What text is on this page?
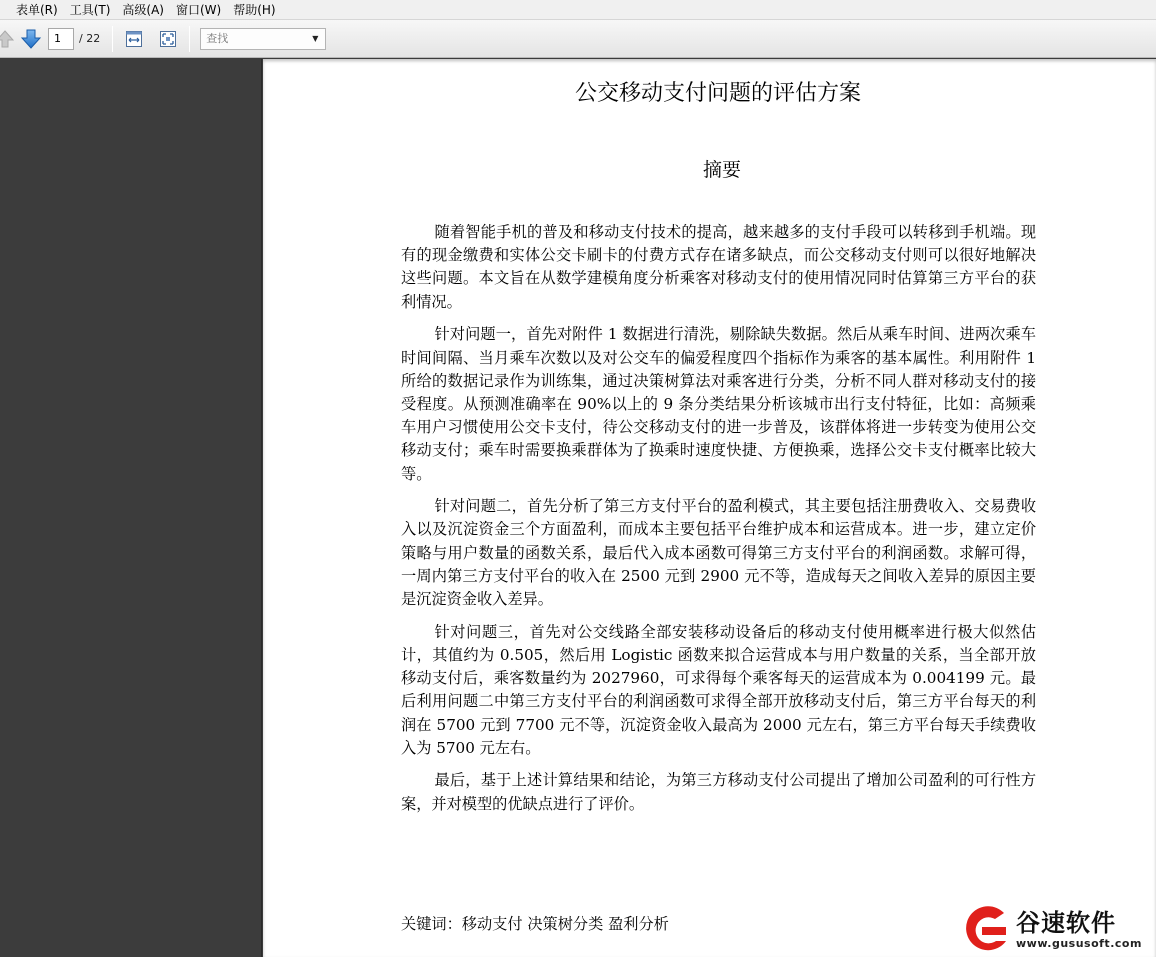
表单(R)	工具(T)	高级(A)	窗口(W)	帮助(H)
1
/ 22
查找	▼
公交移动支付问题的评估方案
摘要

随着智能手机的普及和移动支付技术的提高，越来越多的支付手段可以转移到手机端。现有的现金缴费和实体公交卡刷卡的付费方式存在诸多缺点，而公交移动支付则可以很好地解决这些问题。本文旨在从数学建模角度分析乘客对移动支付的使用情况同时估算第三方平台的获利情况。

针对问题一，首先对附件 1 数据进行清洗，剔除缺失数据。然后从乘车时间、进两次乘车时间间隔、当月乘车次数以及对公交车的偏爱程度四个指标作为乘客的基本属性。利用附件 1 所给的数据记录作为训练集，通过决策树算法对乘客进行分类，分析不同人群对移动支付的接受程度。从预测准确率在 90%以上的 9 条分类结果分析该城市出行支付特征，比如：高频乘车用户习惯使用公交卡支付，待公交移动支付的进一步普及，该群体将进一步转变为使用公交移动支付；乘车时需要换乘群体为了换乘时速度快捷、方便换乘，选择公交卡支付概率比较大等。

针对问题二，首先分析了第三方支付平台的盈利模式，其主要包括注册费收入、交易费收入以及沉淀资金三个方面盈利，而成本主要包括平台维护成本和运营成本。进一步，建立定价策略与用户数量的函数关系，最后代入成本函数可得第三方支付平台的利润函数。求解可得，一周内第三方支付平台的收入在 2500 元到 2900 元不等，造成每天之间收入差异的原因主要是沉淀资金收入差异。

针对问题三，首先对公交线路全部安装移动设备后的移动支付使用概率进行极大似然估计，其值约为 0.505，然后用 Logistic 函数来拟合运营成本与用户数量的关系，当全部开放移动支付后，乘客数量约为 2027960，可求得每个乘客每天的运营成本为 0.004199 元。最后利用问题二中第三方支付平台的利润函数可求得全部开放移动支付后，第三方平台每天的利润在 5700 元到 7700 元不等，沉淀资金收入最高为 2000 元左右，第三方平台每天手续费收入为 5700 元左右。

最后，基于上述计算结果和结论，为第三方移动支付公司提出了增加公司盈利的可行性方案，并对模型的优缺点进行了评价。

关键词：移动支付 决策树分类 盈利分析	谷速软件
www.gususoft.com
